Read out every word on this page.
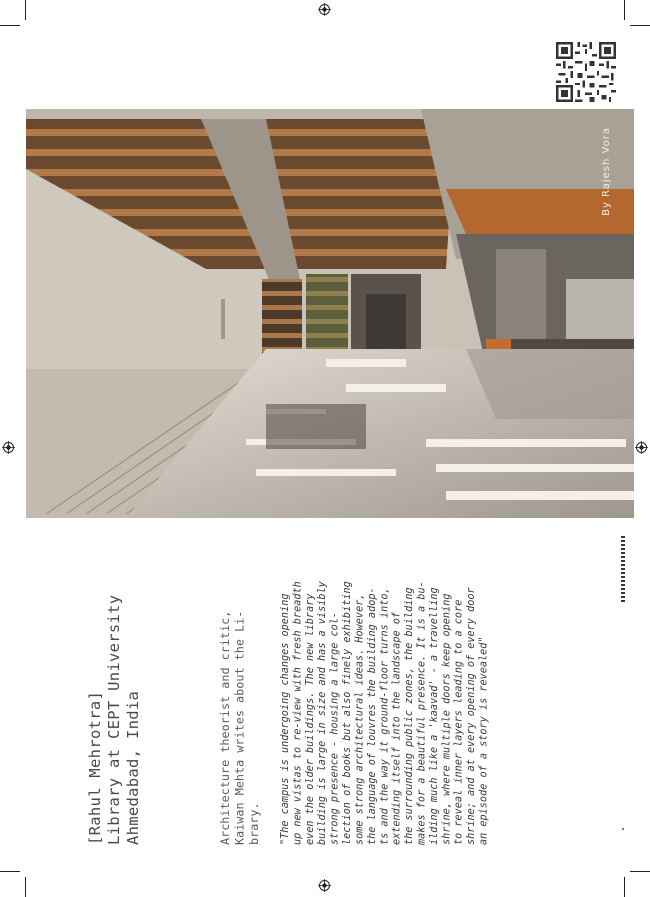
By Rajesh Vora
[Rahul Mehrotra]
Library at CEPT University
Ahmedabad, India	Architecture theorist and critic,
Kaiwan Mehta writes about the Li-
brary. "The campus is undergoing changes opening
up new vistas to re-view with fresh breadth
even the older buildings. The new library
building is large in size and has a visibly
strong presence - housing a large col-
lection of books but also finely exhibiting
some strong architectural ideas. However,
the language of louvres the building adop-
ts and the way it ground-floor turns into,
extending itself into the landscape of
the surrounding public zones, the building
makes for a beautiful presence. It is a bu-
ilding much like a 'kaavad' - a travelling
shrine, where multiple doors keep opening
to reveal inner layers leading to a core
shrine; and at every opening of every door
an episode of a story is revealed"
